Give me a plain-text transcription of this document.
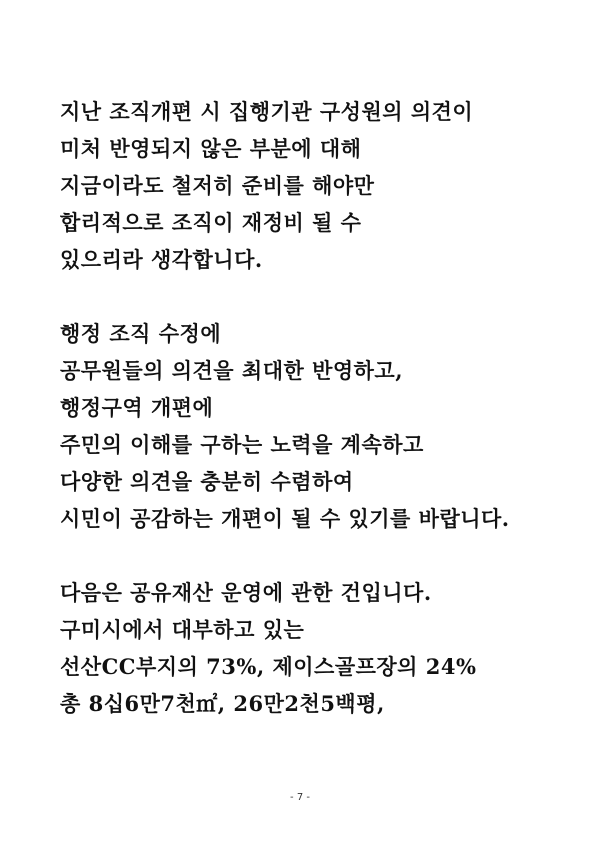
지난 조직개편 시 집행기관 구성원의 의견이
미처 반영되지 않은 부분에 대해
지금이라도 철저히 준비를 해야만
합리적으로 조직이 재정비 될 수
있으리라 생각합니다.
행정 조직 수정에
공무원들의 의견을 최대한 반영하고,
행정구역 개편에
주민의 이해를 구하는 노력을 계속하고
다양한 의견을 충분히 수렴하여
시민이 공감하는 개편이 될 수 있기를 바랍니다.
다음은 공유재산 운영에 관한 건입니다.
구미시에서 대부하고 있는
선산CC부지의 73%, 제이스골프장의 24%
총 8십6만7천㎡, 26만2천5백평,
- 7 -
